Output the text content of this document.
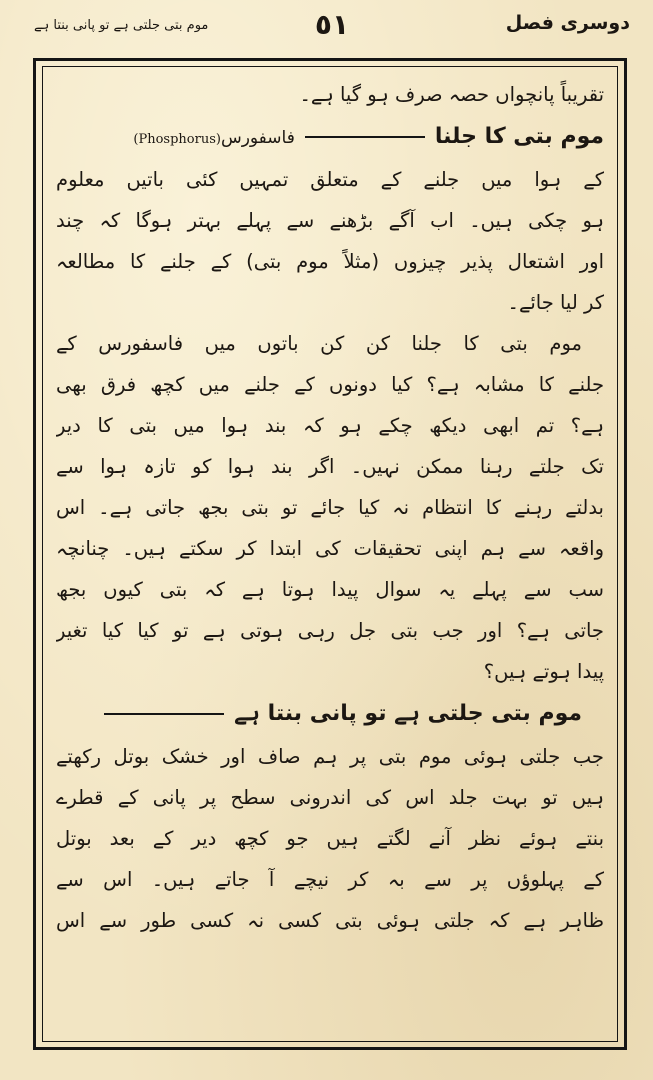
دوسری فصل
٥١
موم بتی جلتی ہے تو پانی بنتا ہے
تقریباً پانچواں حصہ صرف ہو گیا ہے۔
موم بتی کا جلنافاسفورس(Phosphorus)
کے ہوا میں جلنے کے متعلق تمہیں کئی باتیں معلوم
ہو چکی ہیں۔ اب آگے بڑھنے سے پہلے بہتر ہوگا کہ چند
اور اشتعال پذیر چیزوں (مثلاً موم بتی) کے جلنے کا مطالعہ
کر لیا جائے۔
موم بتی کا جلنا کن کن باتوں میں فاسفورس کے
جلنے کا مشابہ ہے؟ کیا دونوں کے جلنے میں کچھ فرق بھی
ہے؟ تم ابھی دیکھ چکے ہو کہ بند ہوا میں بتی کا دیر
تک جلتے رہنا ممکن نہیں۔ اگر بند ہوا کو تازہ ہوا سے
بدلتے رہنے کا انتظام نہ کیا جائے تو بتی بجھ جاتی ہے۔ اس
واقعہ سے ہم اپنی تحقیقات کی ابتدا کر سکتے ہیں۔ چنانچہ
سب سے پہلے یہ سوال پیدا ہوتا ہے کہ بتی کیوں بجھ
جاتی ہے؟ اور جب بتی جل رہی ہوتی ہے تو کیا کیا تغیر
پیدا ہوتے ہیں؟
موم بتی جلتی ہے تو پانی بنتا ہے
جب جلتی ہوئی موم بتی پر ہم صاف اور خشک بوتل رکھتے
ہیں تو بہت جلد اس کی اندرونی سطح پر پانی کے قطرے
بنتے ہوئے نظر آنے لگتے ہیں جو کچھ دیر کے بعد بوتل
کے پہلوؤں پر سے بہ کر نیچے آ جاتے ہیں۔ اس سے
ظاہر ہے کہ جلتی ہوئی بتی کسی نہ کسی طور سے اس
